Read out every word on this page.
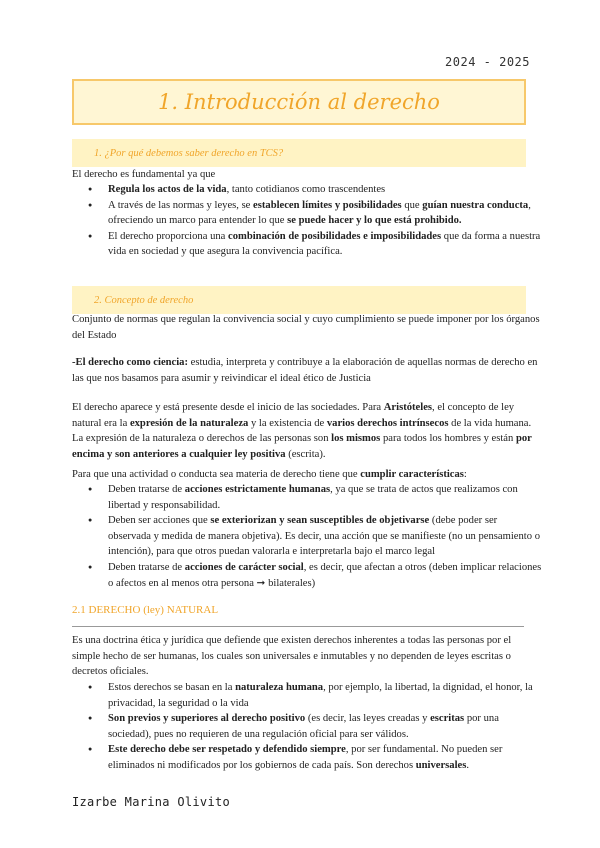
2024 - 2025
1. Introducción al derecho
1. ¿Por qué debemos saber derecho en TCS?

El derecho es fundamental ya que

● Regula los actos de la vida, tanto cotidianos como trascendentes
● A través de las normas y leyes, se establecen límites y posibilidades que guían nuestra conducta, ofreciendo un marco para entender lo que se puede hacer y lo que está prohibido.
● El derecho proporciona una combinación de posibilidades e imposibilidades que da forma a nuestra vida en sociedad y que asegura la convivencia pacífica.
2. Concepto de derecho

Conjunto de normas que regulan la convivencia social y cuyo cumplimiento se puede imponer por los órganos del Estado

-El derecho como ciencia: estudia, interpreta y contribuye a la elaboración de aquellas normas de derecho en las que nos basamos para asumir y reivindicar el ideal ético de Justicia

El derecho aparece y está presente desde el inicio de las sociedades. Para Aristóteles, el concepto de ley natural era la expresión de la naturaleza y la existencia de varios derechos intrínsecos de la vida humana. La expresión de la naturaleza o derechos de las personas son los mismos para todos los hombres y están por encima y son anteriores a cualquier ley positiva (escrita).

Para que una actividad o conducta sea materia de derecho tiene que cumplir características:

● Deben tratarse de acciones estrictamente humanas, ya que se trata de actos que realizamos con libertad y responsabilidad.
● Deben ser acciones que se exteriorizan y sean susceptibles de objetivarse (debe poder ser observada y medida de manera objetiva). Es decir, una acción que se manifieste (no un pensamiento o intención), para que otros puedan valorarla e interpretarla bajo el marco legal
● Deben tratarse de acciones de carácter social, es decir, que afectan a otros (deben implicar relaciones o afectos en al menos otra persona ➞ bilaterales)
2.1 DERECHO (ley) NATURAL

Es una doctrina ética y jurídica que defiende que existen derechos inherentes a todas las personas por el simple hecho de ser humanas, los cuales son universales e inmutables y no dependen de leyes escritas o decretos oficiales.

● Estos derechos se basan en la naturaleza humana, por ejemplo, la libertad, la dignidad, el honor, la privacidad, la seguridad o la vida
● Son previos y superiores al derecho positivo (es decir, las leyes creadas y escritas por una sociedad), pues no requieren de una regulación oficial para ser válidos.
● Este derecho debe ser respetado y defendido siempre, por ser fundamental. No pueden ser eliminados ni modificados por los gobiernos de cada país. Son derechos universales.
Izarbe Marina Olivito
